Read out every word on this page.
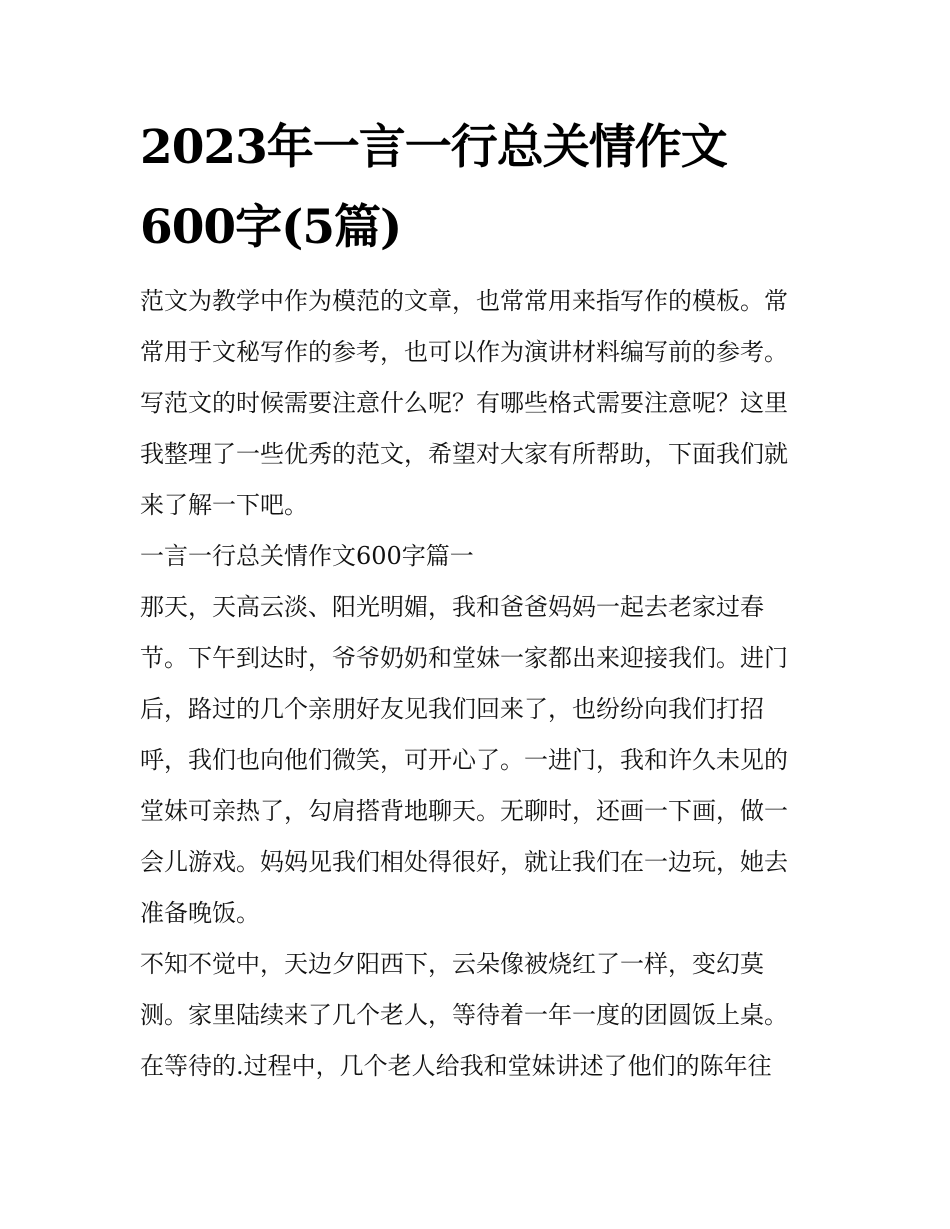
2023年一言一行总关情作文
600字(5篇)
范文为教学中作为模范的文章，也常常用来指写作的模板。常
常用于文秘写作的参考，也可以作为演讲材料编写前的参考。
写范文的时候需要注意什么呢？有哪些格式需要注意呢？这里
我整理了一些优秀的范文，希望对大家有所帮助，下面我们就
来了解一下吧。
一言一行总关情作文600字篇一
那天，天高云淡、阳光明媚，我和爸爸妈妈一起去老家过春
节。下午到达时，爷爷奶奶和堂妹一家都出来迎接我们。进门
后，路过的几个亲朋好友见我们回来了，也纷纷向我们打招
呼，我们也向他们微笑，可开心了。一进门，我和许久未见的
堂妹可亲热了，勾肩搭背地聊天。无聊时，还画一下画，做一
会儿游戏。妈妈见我们相处得很好，就让我们在一边玩，她去
准备晚饭。
不知不觉中，天边夕阳西下，云朵像被烧红了一样，变幻莫
测。家里陆续来了几个老人，等待着一年一度的团圆饭上桌。
在等待的.过程中，几个老人给我和堂妹讲述了他们的陈年往
